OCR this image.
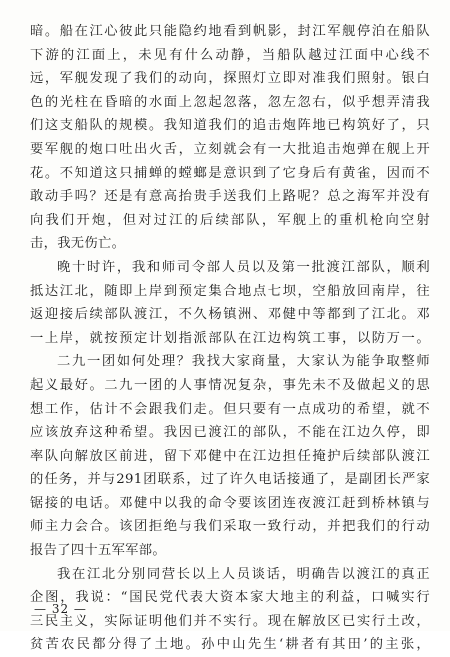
暗。船在江心彼此只能隐约地看到帆影，封江军舰停泊在船队
下游的江面上，未见有什么动静，当船队越过江面中心线不
远，军舰发现了我们的动向，探照灯立即对准我们照射。银白
色的光柱在昏暗的水面上忽起忽落，忽左忽右，似乎想弄清我
们这支船队的规模。我知道我们的追击炮阵地已构筑好了，只
要军舰的炮口吐出火舌，立刻就会有一大批追击炮弹在舰上开
花。不知道这只捕蝉的螳螂是意识到了它身后有黄雀，因而不
敢动手吗？还是有意高抬贵手送我们上路呢？总之海军并没有
向我们开炮，但对过江的后续部队，军舰上的重机枪向空射
击，我无伤亡。
晚十时许，我和师司令部人员以及第一批渡江部队，顺利
抵达江北，随即上岸到预定集合地点七坝，空船放回南岸，往
返迎接后续部队渡江，不久杨镇洲、邓健中等都到了江北。邓
一上岸，就按预定计划指派部队在江边构筑工事，以防万一。
二九一团如何处理？我找大家商量，大家认为能争取整师
起义最好。二九一团的人事情况复杂，事先未不及做起义的思
想工作，估计不会跟我们走。但只要有一点成功的希望，就不
应该放弃这种希望。我因已渡江的部队，不能在江边久停，即
率队向解放区前进，留下邓健中在江边担任掩护后续部队渡江
的任务，并与291团联系，过了许久电话接通了，是副团长严家
锯接的电话。邓健中以我的命令要该团连夜渡江赶到桥林镇与
师主力会合。该团拒绝与我们采取一致行动，并把我们的行动
报告了四十五军军部。
我在江北分别同营长以上人员谈话，明确告以渡江的真正
企图，我说：“国民党代表大资本家大地主的利益，口喊实行
三民主义，实际证明他们并不实行。现在解放区已实行土改，
贫苦农民都分得了土地。孙中山先生‘耕者有其田’的主张，
— 32 —
